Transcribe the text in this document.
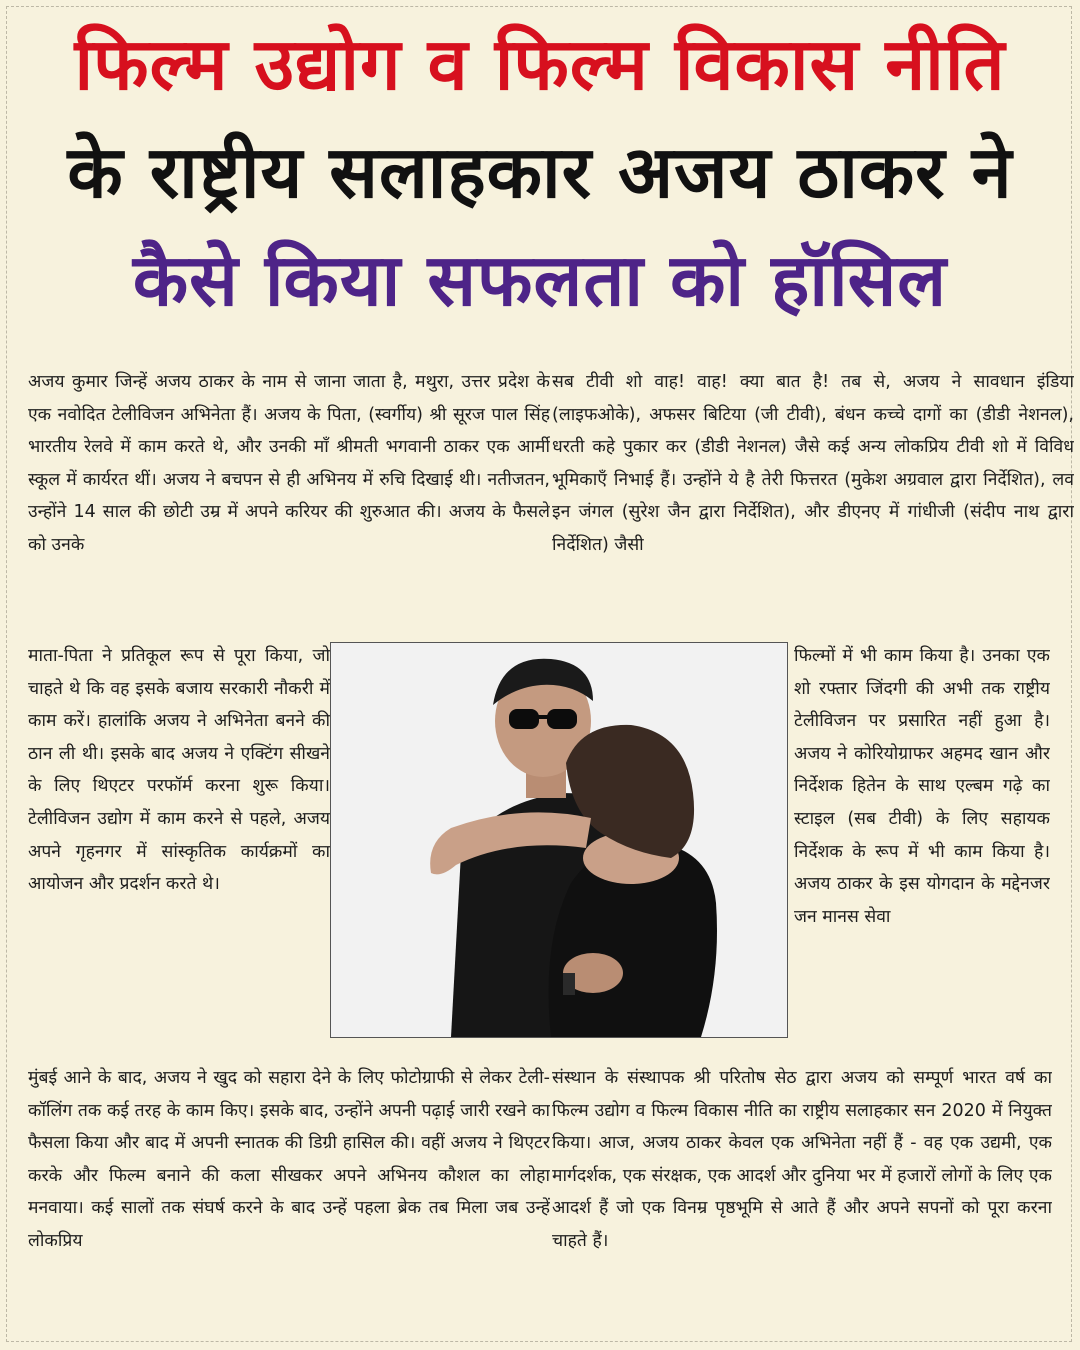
फिल्म उद्योग व फिल्म विकास नीति
के राष्ट्रीय सलाहकार अजय ठाकर ने
कैसे किया सफलता को हॉसिल

अजय कुमार जिन्हें अजय ठाकर के नाम से जाना जाता है, मथुरा, उत्तर प्रदेश के एक नवोदित टेलीविजन अभिनेता हैं। अजय के पिता, (स्वर्गीय) श्री सूरज पाल सिंह भारतीय रेलवे में काम करते थे, और उनकी माँ श्रीमती भगवानी ठाकर एक आर्मी स्कूल में कार्यरत थीं। अजय ने बचपन से ही अभिनय में रुचि दिखाई थी। नतीजतन, उन्होंने 14 साल की छोटी उम्र में अपने करियर की शुरुआत की। अजय के फैसले को उनके

माता-पिता ने प्रतिकूल रूप से पूरा किया, जो चाहते थे कि वह इसके बजाय सरकारी नौकरी में काम करें। हालांकि अजय ने अभिनेता बनने की ठान ली थी। इसके बाद अजय ने एक्टिंग सीखने के लिए थिएटर परफॉर्म करना शुरू किया। टेलीविजन उद्योग में काम करने से पहले, अजय अपने गृहनगर में सांस्कृतिक कार्यक्रमों का आयोजन और प्रदर्शन करते थे।

मुंबई आने के बाद, अजय ने खुद को सहारा देने के लिए फोटोग्राफी से लेकर टेली-कॉलिंग तक कई तरह के काम किए। इसके बाद, उन्होंने अपनी पढ़ाई जारी रखने का फैसला किया और बाद में अपनी स्नातक की डिग्री हासिल की। वहीं अजय ने थिएटर करके और फिल्म बनाने की कला सीखकर अपने अभिनय कौशल का लोहा मनवाया। कई सालों तक संघर्ष करने के बाद उन्हें पहला ब्रेक तब मिला जब उन्हें लोकप्रिय

सब टीवी शो वाह! वाह! क्या बात है! तब से, अजय ने सावधान इंडिया (लाइफओके), अफसर बिटिया (जी टीवी), बंधन कच्चे दागों का (डीडी नेशनल), धरती कहे पुकार कर (डीडी नेशनल) जैसे कई अन्य लोकप्रिय टीवी शो में विविध भूमिकाएँ निभाई हैं। उन्होंने ये है तेरी फित्तरत (मुकेश अग्रवाल द्वारा निर्देशित), लव इन जंगल (सुरेश जैन द्वारा निर्देशित), और डीएनए में गांधीजी (संदीप नाथ द्वारा निर्देशित) जैसी

फिल्मों में भी काम किया है। उनका एक शो रफ्तार जिंदगी की अभी तक राष्ट्रीय टेलीविजन पर प्रसारित नहीं हुआ है। अजय ने कोरियोग्राफर अहमद खान और निर्देशक हितेन के साथ एल्बम गढ़े का स्टाइल (सब टीवी) के लिए सहायक निर्देशक के रूप में भी काम किया है। अजय ठाकर के इस योगदान के मद्देनजर जन मानस सेवा

संस्थान के संस्थापक श्री परितोष सेठ द्वारा अजय को सम्पूर्ण भारत वर्ष का फिल्म उद्योग व फिल्म विकास नीति का राष्ट्रीय सलाहकार सन 2020 में नियुक्त किया। आज, अजय ठाकर केवल एक अभिनेता नहीं हैं - वह एक उद्यमी, एक मार्गदर्शक, एक संरक्षक, एक आदर्श और दुनिया भर में हजारों लोगों के लिए एक आदर्श हैं जो एक विनम्र पृष्ठभूमि से आते हैं और अपने सपनों को पूरा करना चाहते हैं।
